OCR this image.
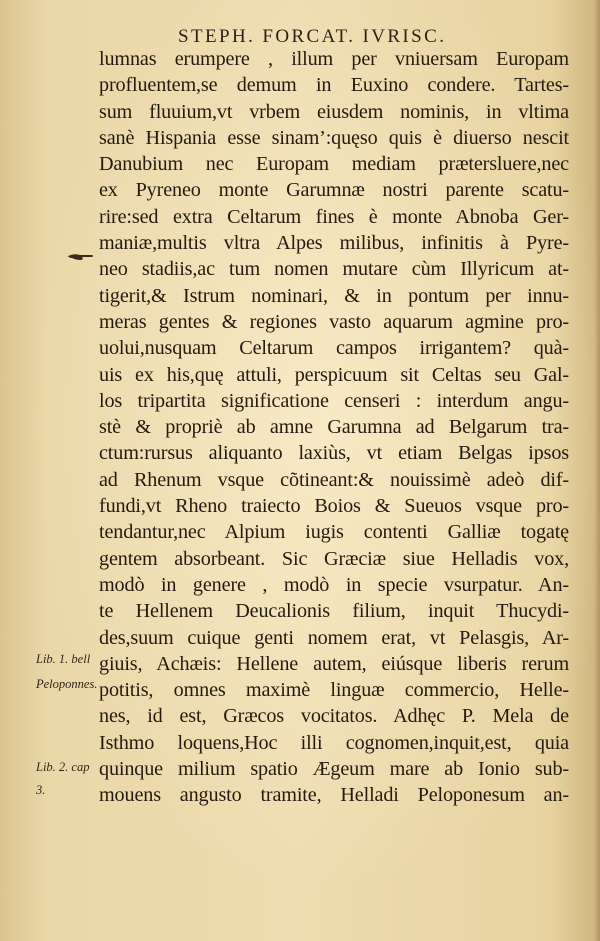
STEPH. FORCAT. IVRISC.
lumnas erumpere , illum per vniuersam Europam
profluentem,se demum in Euxino condere. Tartes-
sum fluuium,vt vrbem eiusdem nominis, in vltima
sanè Hispania esse sinam’:quęso quis è diuerso nescit
Danubium nec Europam mediam prætersluere,nec
ex Pyreneo monte Garumnæ nostri parente scatu-
rire:sed extra Celtarum fines è monte Abnoba Ger-
maniæ,multis vltra Alpes milibus, infinitis à Pyre-
neo stadiis,ac tum nomen mutare cùm Illyricum at-
tigerit,& Istrum nominari, & in pontum per innu-
meras gentes & regiones vasto aquarum agmine pro-
uolui,nusquam Celtarum campos irrigantem? quà-
uis ex his,quę attuli, perspicuum sit Celtas seu Gal-
los tripartita significatione censeri : interdum angu-
stè & propriè ab amne Garumna ad Belgarum tra-
ctum:rursus aliquanto laxiùs, vt etiam Belgas ipsos
ad Rhenum vsque cõtineant:& nouissimè adeò dif-
fundi,vt Rheno traiecto Boios & Sueuos vsque pro-
tendantur,nec Alpium iugis contenti Galliæ togatę
gentem absorbeant. Sic Græciæ siue Helladis vox,
modò in genere , modò in specie vsurpatur. An-
te Hellenem Deucalionis filium, inquit Thucydi-
des,suum cuique genti nomem erat, vt Pelasgis, Ar-
giuis, Achæis: Hellene autem, eiúsque liberis rerum
potitis, omnes maximè linguæ commercio, Helle-
nes, id est, Græcos vocitatos. Adhęc P. Mela de
Isthmo loquens,Hoc illi cognomen,inquit,est, quia
quinque milium spatio Ægeum mare ab Ionio sub-
mouens angusto tramite, Helladi Peloponesum an-
Lib. 1. bell
Peloponnes.
Lib. 2. cap
3.
